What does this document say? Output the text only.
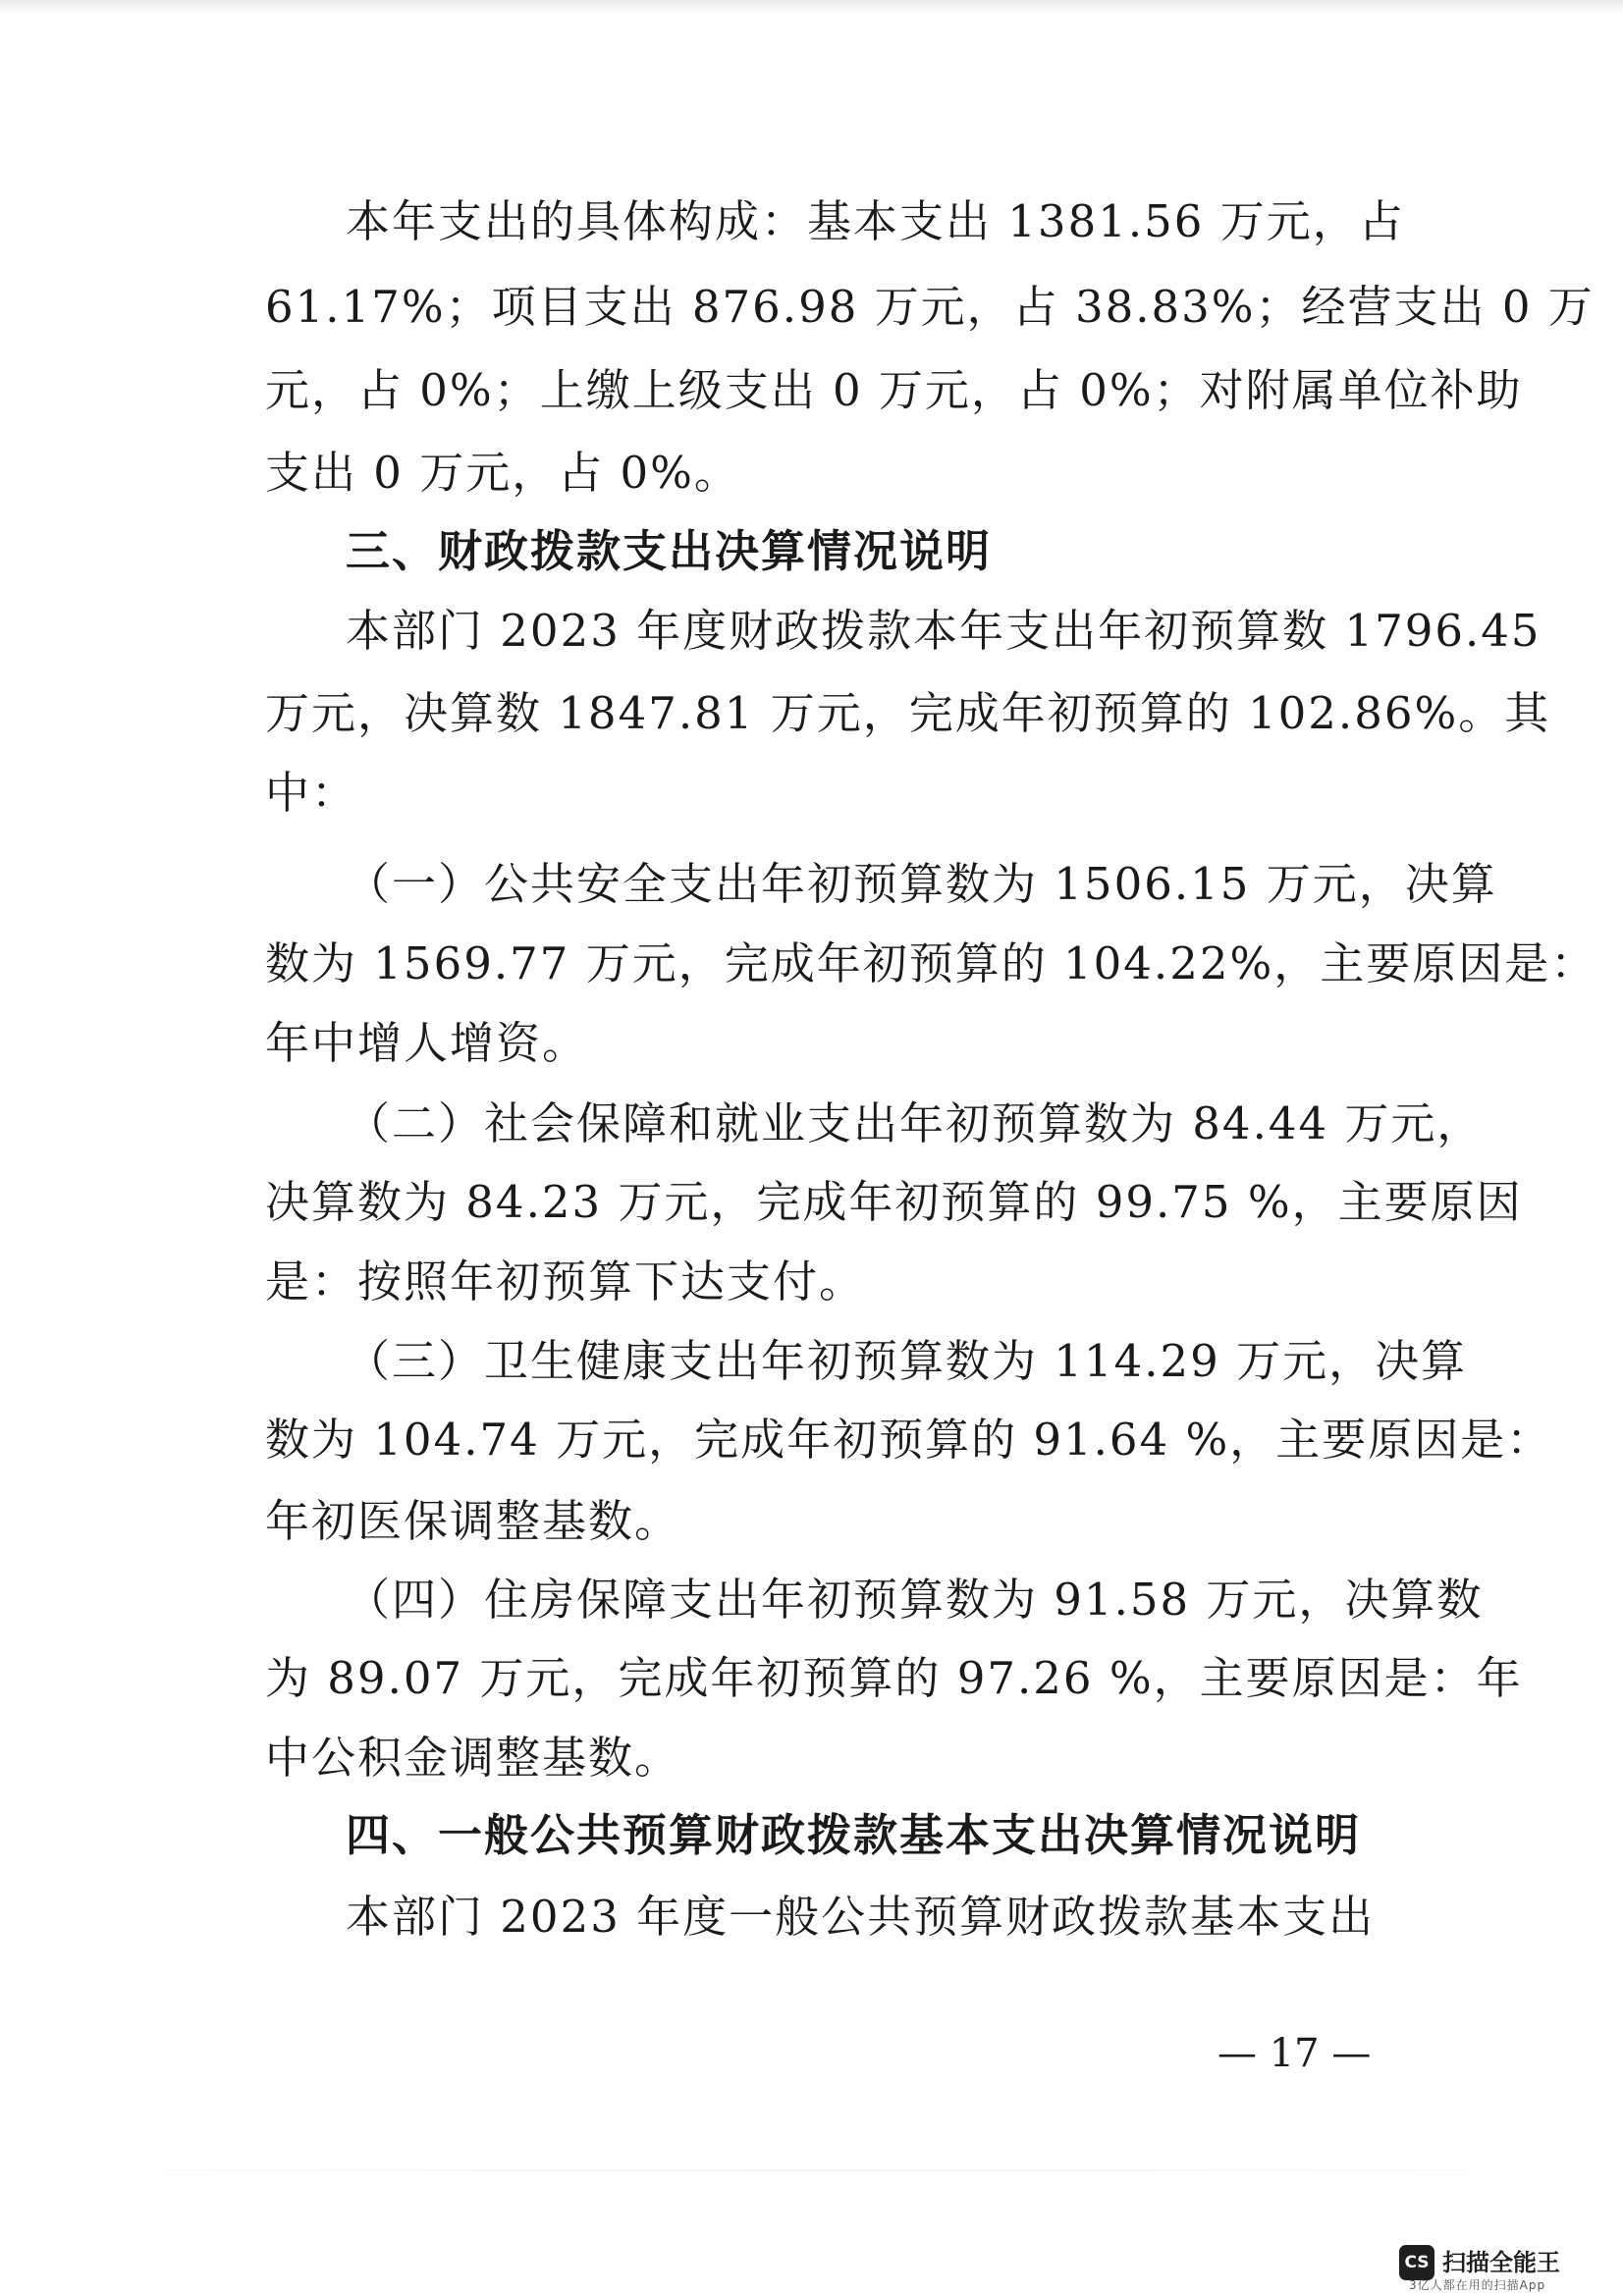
本年支出的具体构成：基本支出 1381.56 万元，占
61.17%；项目支出 876.98 万元，占 38.83%；经营支出 0 万
元，占 0%；上缴上级支出 0 万元，占 0%；对附属单位补助
支出 0 万元，占 0%。
三、财政拨款支出决算情况说明
本部门 2023 年度财政拨款本年支出年初预算数 1796.45
万元，决算数 1847.81 万元，完成年初预算的 102.86%。其
中：
（一）公共安全支出年初预算数为 1506.15 万元，决算
数为 1569.77 万元，完成年初预算的 104.22%，主要原因是：
年中增人增资。
（二）社会保障和就业支出年初预算数为 84.44 万元，
决算数为 84.23 万元，完成年初预算的 99.75 %，主要原因
是：按照年初预算下达支付。
（三）卫生健康支出年初预算数为 114.29 万元，决算
数为 104.74 万元，完成年初预算的 91.64 %，主要原因是：
年初医保调整基数。
（四）住房保障支出年初预算数为 91.58 万元，决算数
为 89.07 万元，完成年初预算的 97.26 %，主要原因是：年
中公积金调整基数。
四、一般公共预算财政拨款基本支出决算情况说明
本部门 2023 年度一般公共预算财政拨款基本支出
— 17 —
CS 扫描全能王
3亿人都在用的扫描App
